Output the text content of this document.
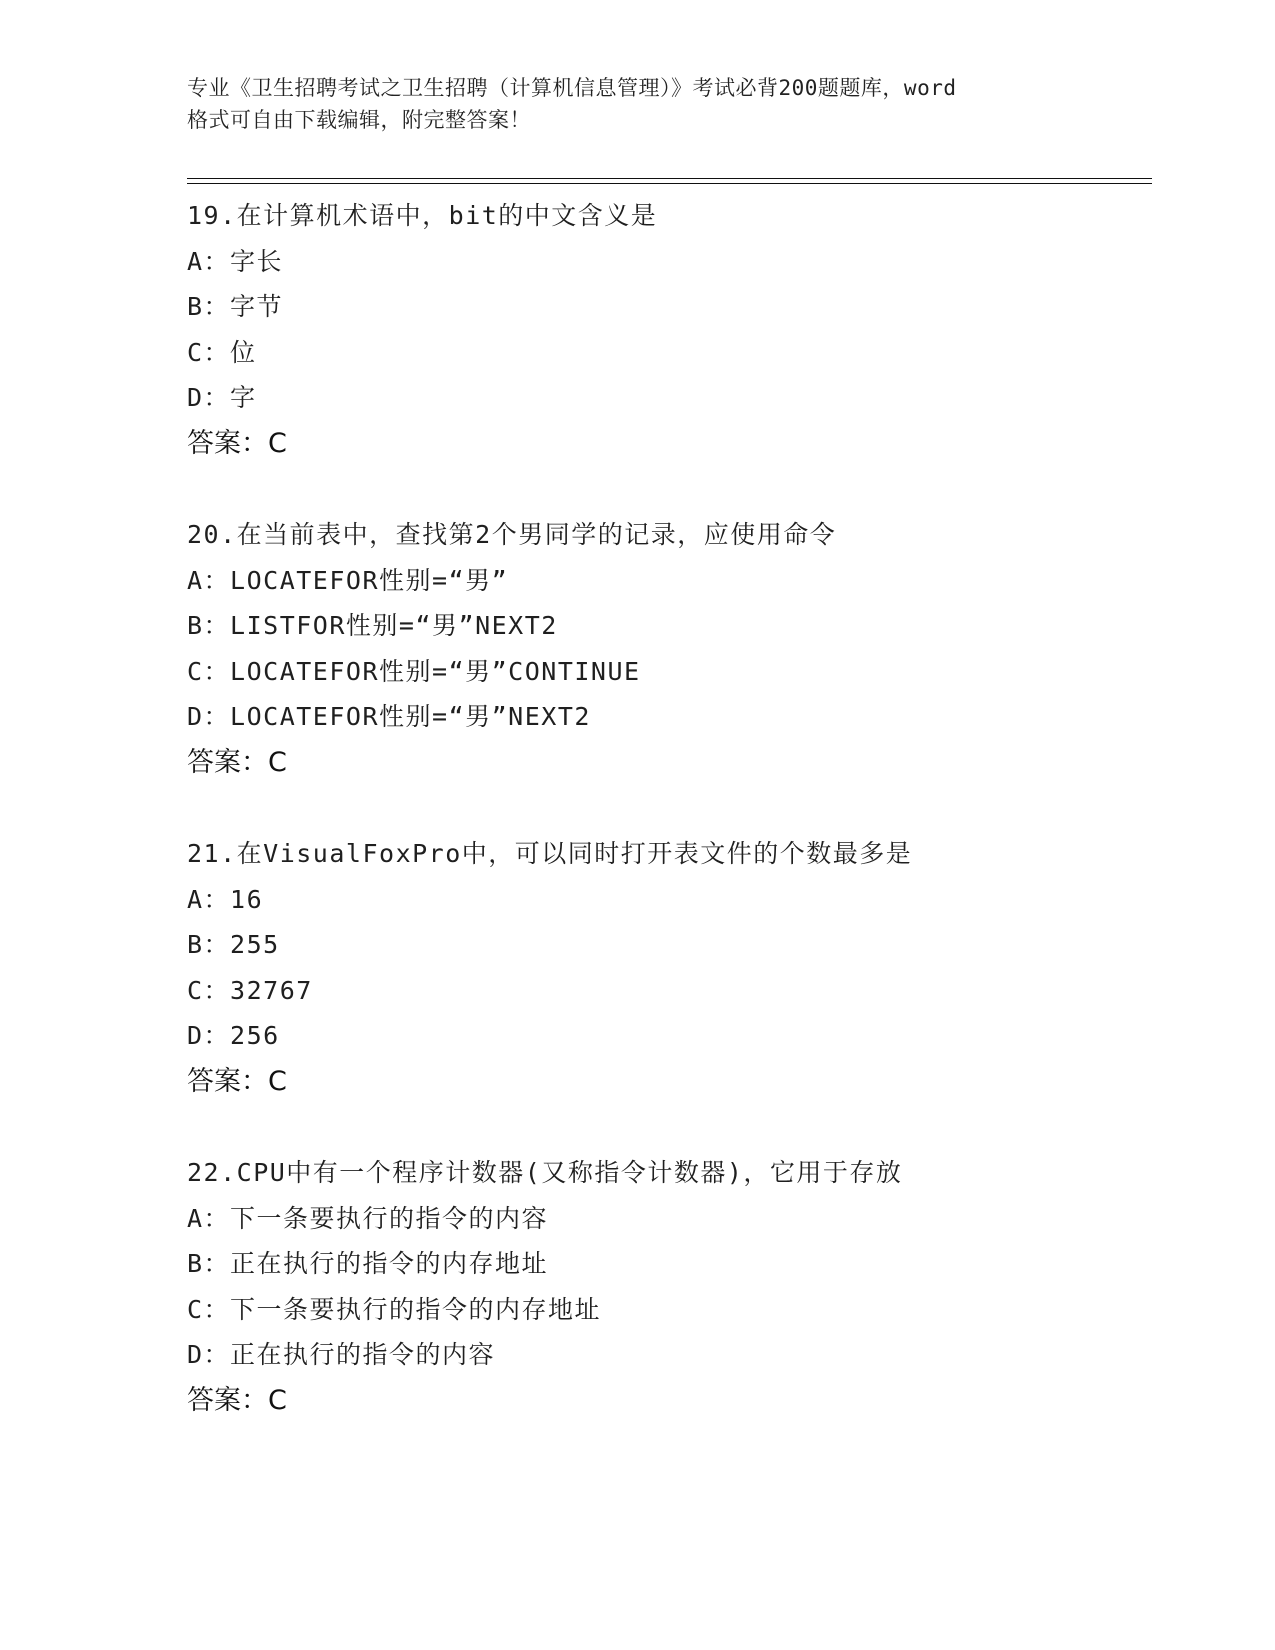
专业《卫生招聘考试之卫生招聘（计算机信息管理）》考试必背200题题库，word
格式可自由下载编辑，附完整答案！
19.在计算机术语中，bit的中文含义是
A：字长
B：字节
C：位
D：字
答案：C
20.在当前表中，查找第2个男同学的记录，应使用命令
A：LOCATEFOR性别=“男”
B：LISTFOR性别=“男”NEXT2
C：LOCATEFOR性别=“男”CONTINUE
D：LOCATEFOR性别=“男”NEXT2
答案：C
21.在VisualFoxPro中，可以同时打开表文件的个数最多是
A：16
B：255
C：32767
D：256
答案：C
22.CPU中有一个程序计数器(又称指令计数器)，它用于存放
A：下一条要执行的指令的内容
B：正在执行的指令的内存地址
C：下一条要执行的指令的内存地址
D：正在执行的指令的内容
答案：C
